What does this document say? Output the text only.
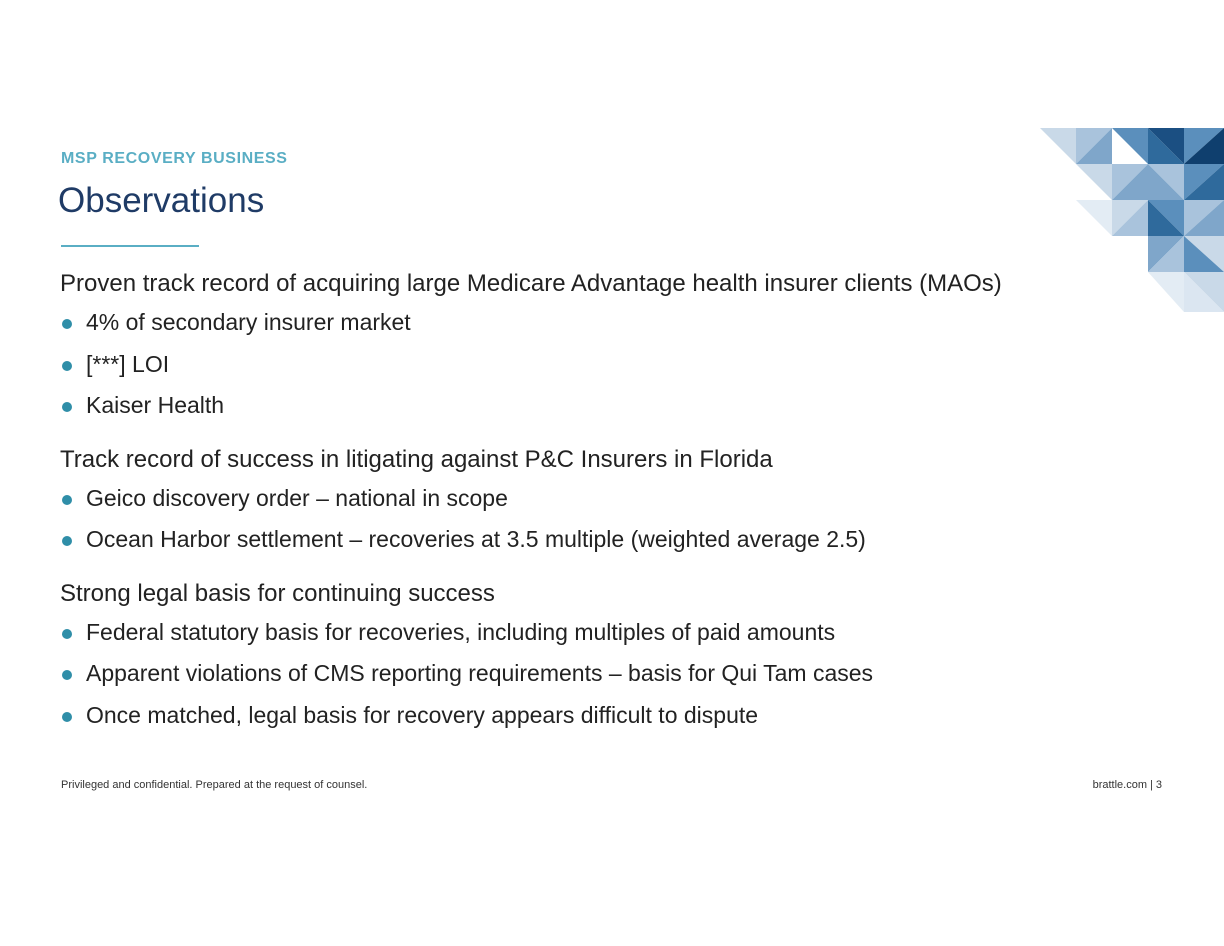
MSP RECOVERY BUSINESS
Observations
Proven track record of acquiring large Medicare Advantage health insurer clients (MAOs)
4% of secondary insurer market
[***] LOI
Kaiser Health
Track record of success in litigating against P&C Insurers in Florida
Geico discovery order – national in scope
Ocean Harbor settlement – recoveries at 3.5 multiple (weighted average 2.5)
Strong legal basis for continuing success
Federal statutory basis for recoveries, including multiples of paid amounts
Apparent violations of CMS reporting requirements – basis for Qui Tam cases
Once matched, legal basis for recovery appears difficult to dispute
Privileged and confidential. Prepared at the request of counsel.	brattle.com | 3
